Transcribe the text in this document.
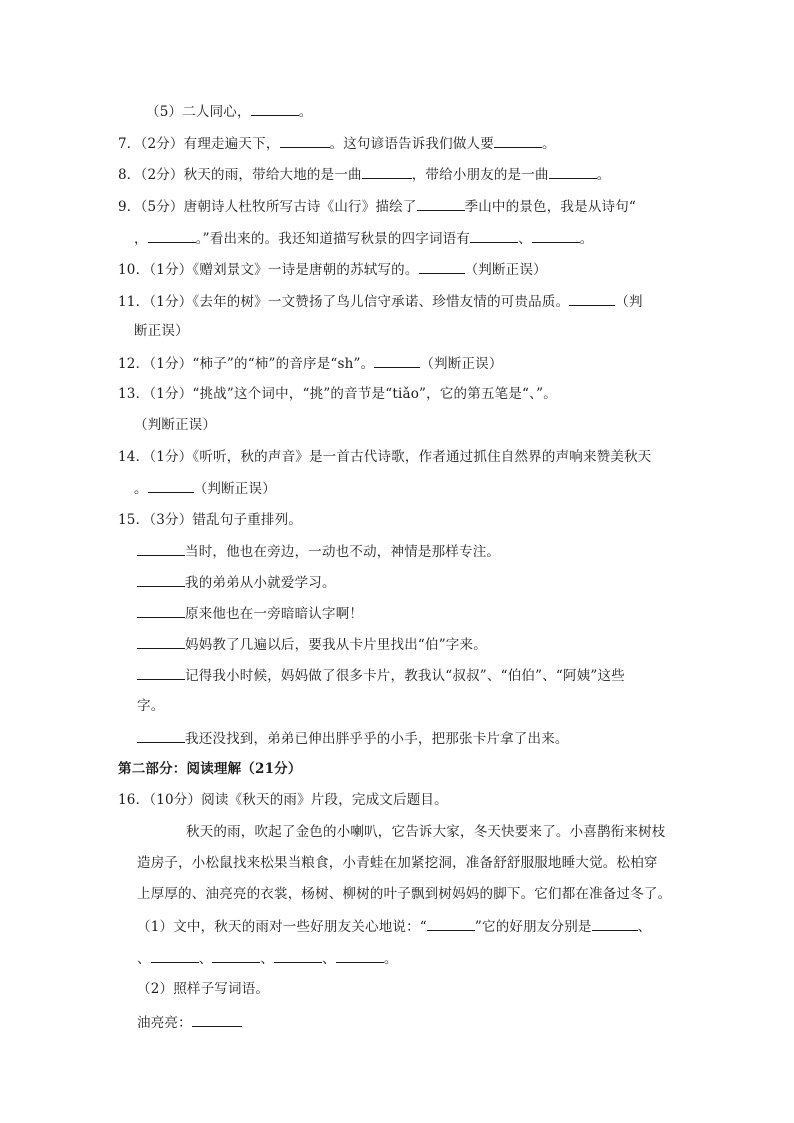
（5）二人同心，	。
7．（2分）有理走遍天下，	。这句谚语告诉我们做人要	。
8．（2分）秋天的雨，带给大地的是一曲	，带给小朋友的是一曲	。
9．（5分）唐朝诗人杜牧所写古诗《山行》描绘了	季山中的景色，我是从诗句“
，	。”看出来的。我还知道描写秋景的四字词语有	、	。
10．（1分）《赠刘景文》一诗是唐朝的苏轼写的。	（判断正误）
11．（1分）《去年的树》一文赞扬了鸟儿信守承诺、珍惜友情的可贵品质。	（判
断正误）
12．（1分）“柿子”的“柿”的音序是“sh”。	（判断正误）
13．（1分）“挑战”这个词中，“挑”的音节是“tiǎo”，它的第五笔是“、”。
（判断正误）
14．（1分）《听听，秋的声音》是一首古代诗歌，作者通过抓住自然界的声响来赞美秋天
。	（判断正误）
15．（3分）错乱句子重排列。
当时，他也在旁边，一动也不动，神情是那样专注。
我的弟弟从小就爱学习。
原来他也在一旁暗暗认字啊！
妈妈教了几遍以后，要我从卡片里找出“伯”字来。
记得我小时候，妈妈做了很多卡片，教我认“叔叔”、“伯伯”、“阿姨”这些
字。
我还没找到，弟弟已伸出胖乎乎的小手，把那张卡片拿了出来。
第二部分：阅读理解（21分）
16．（10分）阅读《秋天的雨》片段，完成文后题目。
秋天的雨，吹起了金色的小喇叭，它告诉大家，冬天快要来了。小喜鹊衔来树枝
造房子，小松鼠找来松果当粮食，小青蛙在加紧挖洞，准备舒舒服服地睡大觉。松柏穿
上厚厚的、油亮亮的衣裳，杨树、柳树的叶子飘到树妈妈的脚下。它们都在准备过冬了。
（1）文中，秋天的雨对一些好朋友关心地说：“	”它的好朋友分别是	、
、	、	、	、	。
（2）照样子写词语。
油亮亮：
